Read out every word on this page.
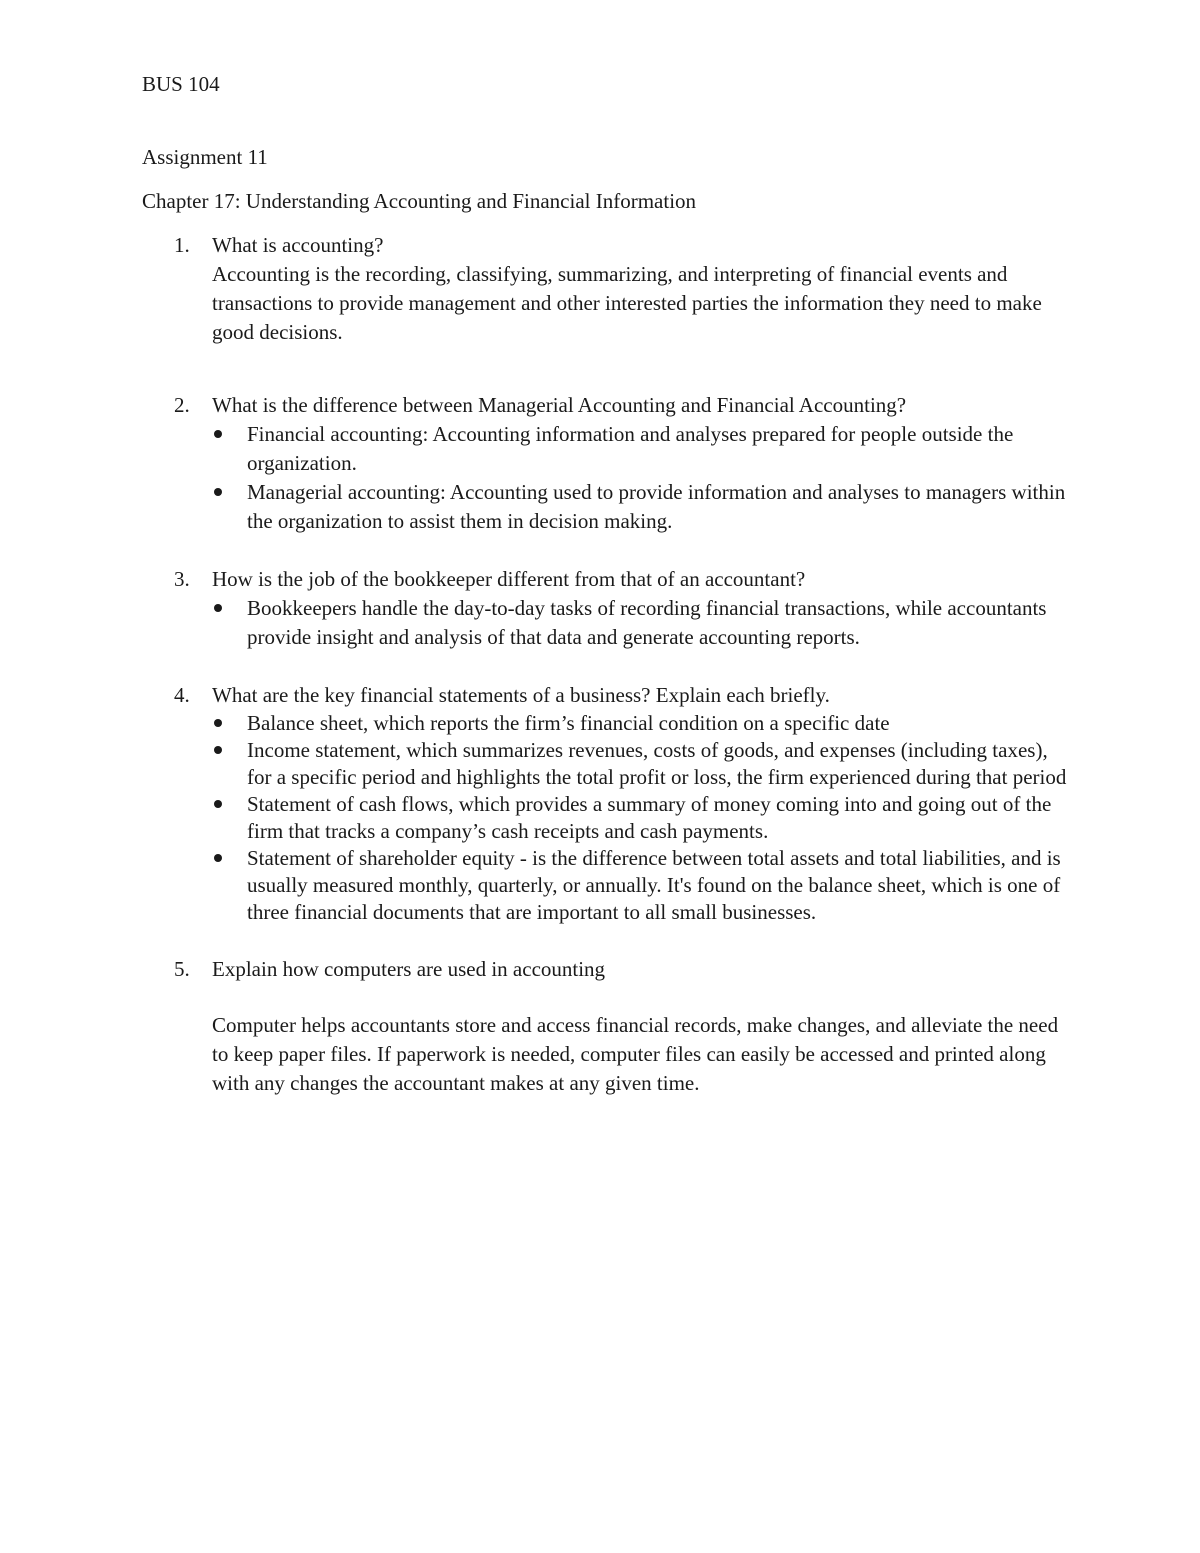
BUS 104

Assignment 11

Chapter 17: Understanding Accounting and Financial Information

1. What is accounting?

Accounting is the recording, classifying, summarizing, and interpreting of financial events and transactions to provide management and other interested parties the information they need to make good decisions.

2. What is the difference between Managerial Accounting and Financial Accounting?
Financial accounting: Accounting information and analyses prepared for people outside the organization.
Managerial accounting: Accounting used to provide information and analyses to managers within the organization to assist them in decision making.
3. How is the job of the bookkeeper different from that of an accountant?
Bookkeepers handle the day-to-day tasks of recording financial transactions, while accountants provide insight and analysis of that data and generate accounting reports.
4. What are the key financial statements of a business? Explain each briefly.
Balance sheet, which reports the firm’s financial condition on a specific date
Income statement, which summarizes revenues, costs of goods, and expenses (including taxes), for a specific period and highlights the total profit or loss, the firm experienced during that period
Statement of cash flows, which provides a summary of money coming into and going out of the firm that tracks a company’s cash receipts and cash payments.
Statement of shareholder equity - is the difference between total assets and total liabilities, and is usually measured monthly, quarterly, or annually. It's found on the balance sheet, which is one of three financial documents that are important to all small businesses.
5. Explain how computers are used in accounting

Computer helps accountants store and access financial records, make changes, and alleviate the need to keep paper files. If paperwork is needed, computer files can easily be accessed and printed along with any changes the accountant makes at any given time.
